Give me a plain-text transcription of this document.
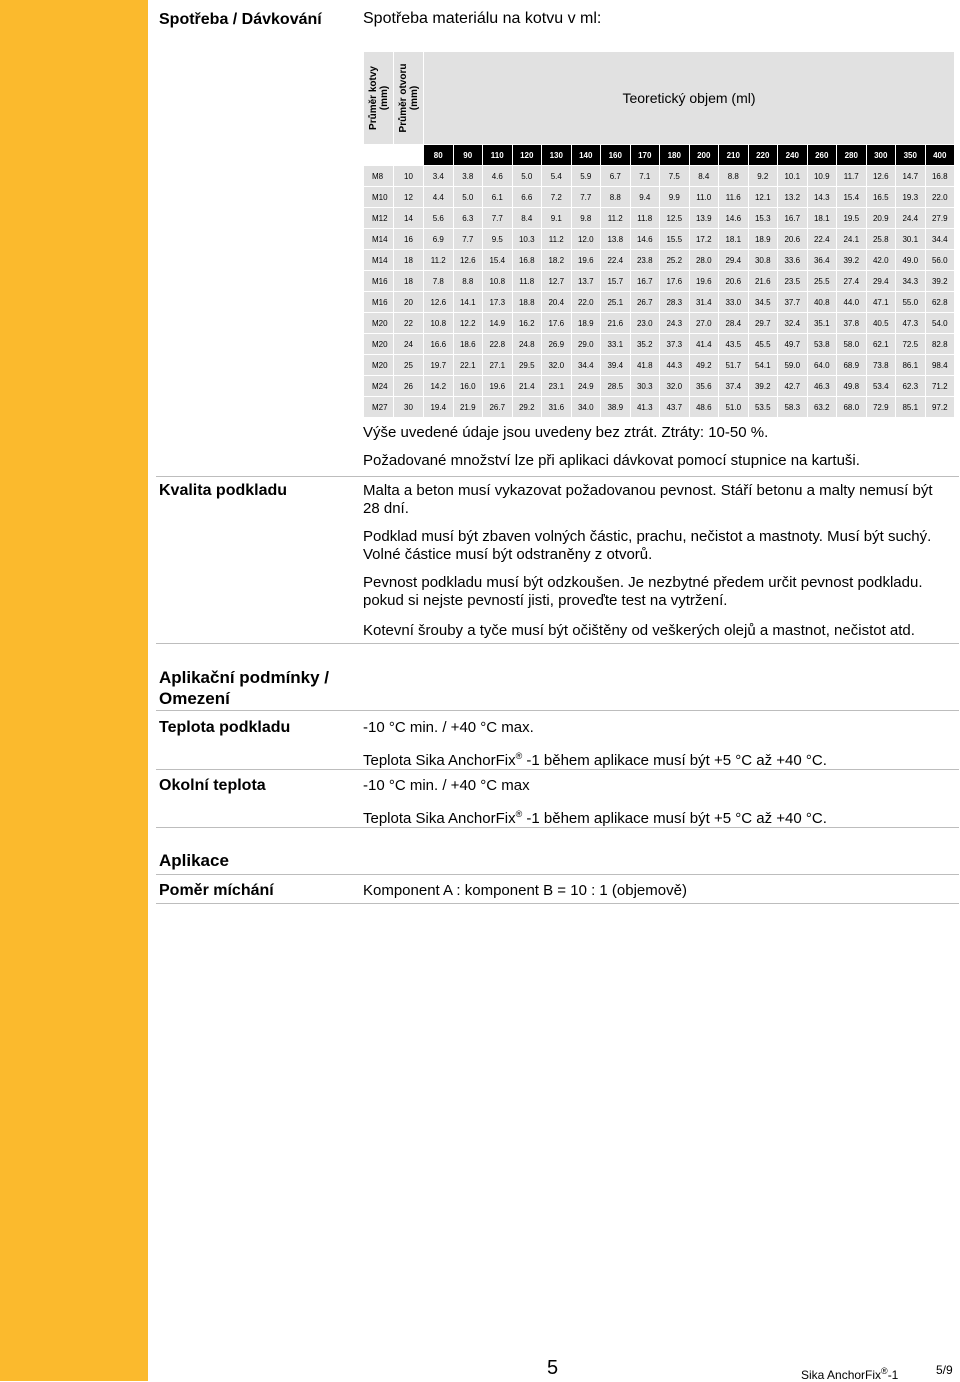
Spotřeba / Dávkování	Spotřeba materiálu na kotvu v ml:
Průměr kotvy
(mm)	Průměr otvoru
(mm)	Teoretický objem (ml)																	
		80	90	110	120	130	140	160	170	180	200	210	220	240	260	280	300	350	400
M8	10	3.4	3.8	4.6	5.0	5.4	5.9	6.7	7.1	7.5	8.4	8.8	9.2	10.1	10.9	11.7	12.6	14.7	16.8
M10	12	4.4	5.0	6.1	6.6	7.2	7.7	8.8	9.4	9.9	11.0	11.6	12.1	13.2	14.3	15.4	16.5	19.3	22.0
M12	14	5.6	6.3	7.7	8.4	9.1	9.8	11.2	11.8	12.5	13.9	14.6	15.3	16.7	18.1	19.5	20.9	24.4	27.9
M14	16	6.9	7.7	9.5	10.3	11.2	12.0	13.8	14.6	15.5	17.2	18.1	18.9	20.6	22.4	24.1	25.8	30.1	34.4
M14	18	11.2	12.6	15.4	16.8	18.2	19.6	22.4	23.8	25.2	28.0	29.4	30.8	33.6	36.4	39.2	42.0	49.0	56.0
M16	18	7.8	8.8	10.8	11.8	12.7	13.7	15.7	16.7	17.6	19.6	20.6	21.6	23.5	25.5	27.4	29.4	34.3	39.2
M16	20	12.6	14.1	17.3	18.8	20.4	22.0	25.1	26.7	28.3	31.4	33.0	34.5	37.7	40.8	44.0	47.1	55.0	62.8
M20	22	10.8	12.2	14.9	16.2	17.6	18.9	21.6	23.0	24.3	27.0	28.4	29.7	32.4	35.1	37.8	40.5	47.3	54.0
M20	24	16.6	18.6	22.8	24.8	26.9	29.0	33.1	35.2	37.3	41.4	43.5	45.5	49.7	53.8	58.0	62.1	72.5	82.8
M20	25	19.7	22.1	27.1	29.5	32.0	34.4	39.4	41.8	44.3	49.2	51.7	54.1	59.0	64.0	68.9	73.8	86.1	98.4
M24	26	14.2	16.0	19.6	21.4	23.1	24.9	28.5	30.3	32.0	35.6	37.4	39.2	42.7	46.3	49.8	53.4	62.3	71.2
M27	30	19.4	21.9	26.7	29.2	31.6	34.0	38.9	41.3	43.7	48.6	51.0	53.5	58.3	63.2	68.0	72.9	85.1	97.2
Výše uvedené údaje jsou uvedeny bez ztrát. Ztráty: 10-50 %.
Požadované množství lze při aplikaci dávkovat pomocí stupnice na kartuši.
Kvalita podkladu	Malta a beton musí vykazovat požadovanou pevnost. Stáří betonu a malty nemusí být 28 dní.
Podklad musí být zbaven volných částic, prachu, nečistot a mastnoty. Musí být suchý. Volné částice musí být odstraněny z otvorů.
Pevnost podkladu musí být odzkoušen. Je nezbytné předem určit pevnost podkladu. pokud si nejste pevností jisti, proveďte test na vytržení.
Kotevní šrouby a tyče musí být očištěny od veškerých olejů a mastnot, nečistot atd.
Aplikační podmínky / Omezení
Teplota podkladu	-10 °C min. / +40 °C max.
Teplota Sika AnchorFix® -1 během aplikace musí být +5 °C až +40 °C.
Okolní teplota	-10 °C min. / +40 °C max
Teplota Sika AnchorFix® -1 během aplikace musí být +5 °C až +40 °C.
Aplikace
Poměr míchání	Komponent A : komponent B = 10 : 1 (objemově)
5	Sika AnchorFix®-1	5/9
